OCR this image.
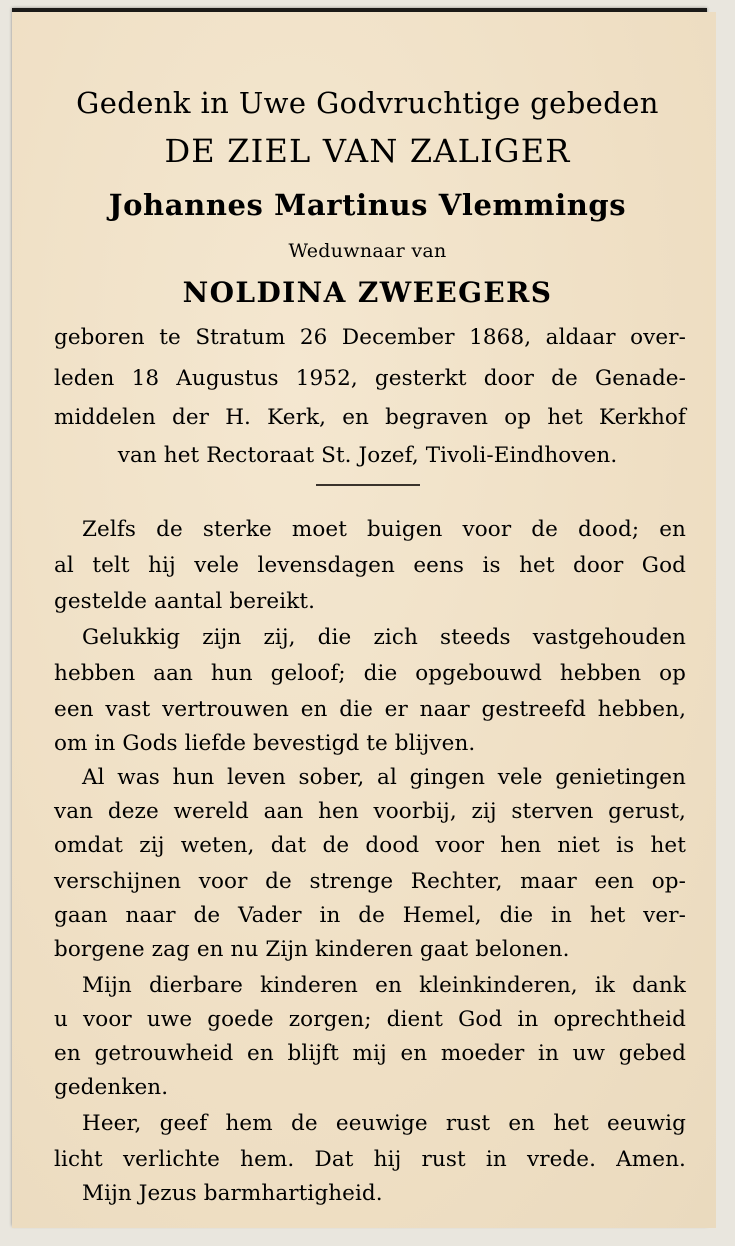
Gedenk in Uwe Godvruchtige gebeden
DE ZIEL VAN ZALIGER
Johannes Martinus Vlemmings
Weduwnaar van
NOLDINA ZWEEGERS
geboren te Stratum 26 December 1868, aldaar over-
leden 18 Augustus 1952, gesterkt door de Genade-
middelen der H. Kerk, en begraven op het Kerkhof
van het Rectoraat St. Jozef, Tivoli-Eindhoven.
Zelfs de sterke moet buigen voor de dood; en
al telt hij vele levensdagen eens is het door God
gestelde aantal bereikt.
Gelukkig zijn zij, die zich steeds vastgehouden
hebben aan hun geloof; die opgebouwd hebben op
een vast vertrouwen en die er naar gestreefd hebben,
om in Gods liefde bevestigd te blijven.
Al was hun leven sober, al gingen vele genietingen
van deze wereld aan hen voorbij, zij sterven gerust,
omdat zij weten, dat de dood voor hen niet is het
verschijnen voor de strenge Rechter, maar een op-
gaan naar de Vader in de Hemel, die in het ver-
borgene zag en nu Zijn kinderen gaat belonen.
Mijn dierbare kinderen en kleinkinderen, ik dank
u voor uwe goede zorgen; dient God in oprechtheid
en getrouwheid en blijft mij en moeder in uw gebed
gedenken.
Heer, geef hem de eeuwige rust en het eeuwig
licht verlichte hem. Dat hij rust in vrede. Amen.
Mijn Jezus barmhartigheid.
